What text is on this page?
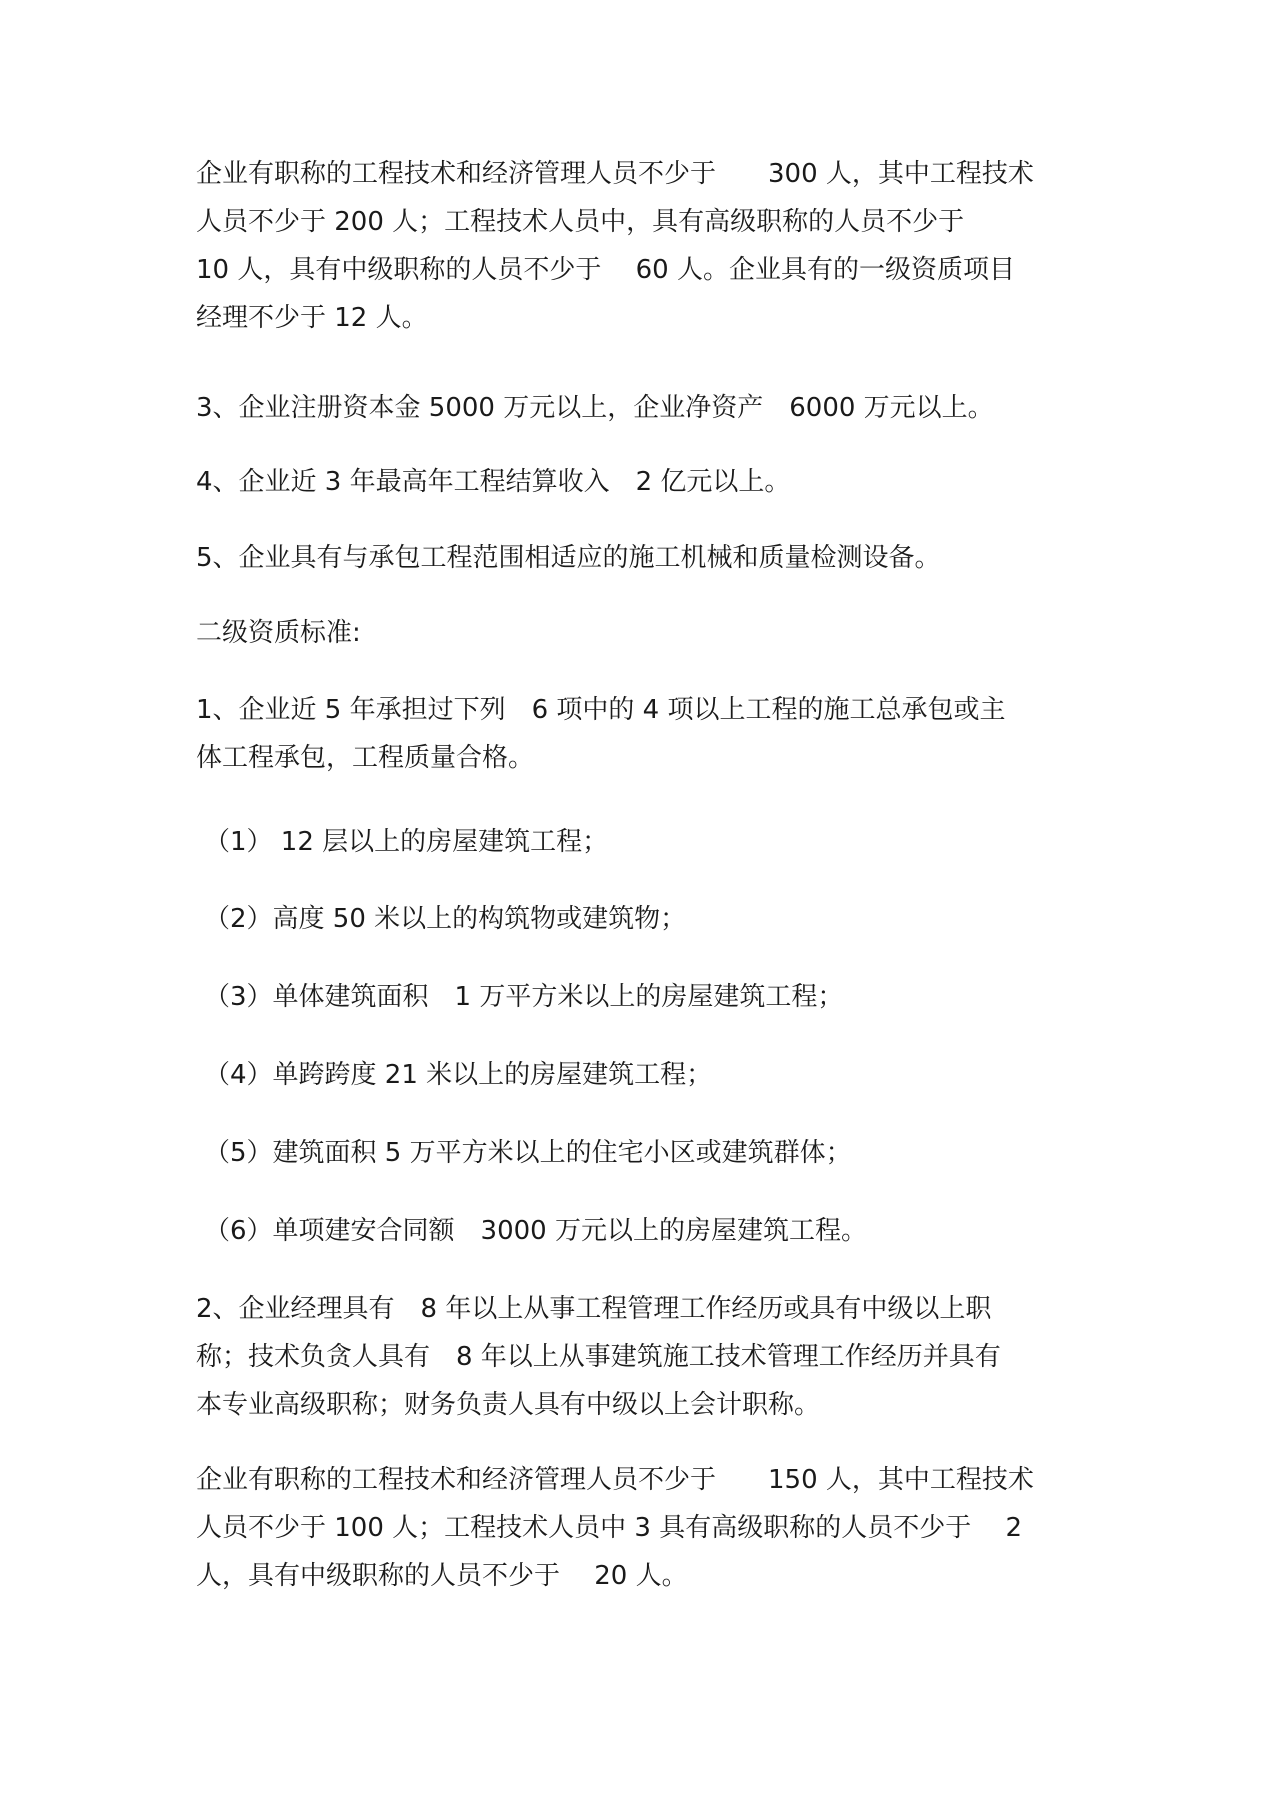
企业有职称的工程技术和经济管理人员不少于　　300 人，其中工程技术
人员不少于 200 人；工程技术人员中，具有高级职称的人员不少于
10 人，具有中级职称的人员不少于　 60 人。企业具有的一级资质项目
经理不少于 12 人。

3、企业注册资本金 5000 万元以上，企业净资产　6000 万元以上。

4、企业近 3 年最高年工程结算收入　2 亿元以上。

5、企业具有与承包工程范围相适应的施工机械和质量检测设备。

二级资质标准:

1、企业近 5 年承担过下列　6 项中的 4 项以上工程的施工总承包或主
体工程承包，工程质量合格。

（1） 12 层以上的房屋建筑工程；

（2）高度 50 米以上的构筑物或建筑物；

（3）单体建筑面积　1 万平方米以上的房屋建筑工程；

（4）单跨跨度 21 米以上的房屋建筑工程；

（5）建筑面积 5 万平方米以上的住宅小区或建筑群体；

（6）单项建安合同额　3000 万元以上的房屋建筑工程。

2、企业经理具有　8 年以上从事工程管理工作经历或具有中级以上职
称；技术负贪人具有　8 年以上从事建筑施工技术管理工作经历并具有
本专业高级职称；财务负责人具有中级以上会计职称。

企业有职称的工程技术和经济管理人员不少于　　150 人，其中工程技术
人员不少于 100 人；工程技术人员中 3 具有高级职称的人员不少于　 2
人，具有中级职称的人员不少于　 20 人。
